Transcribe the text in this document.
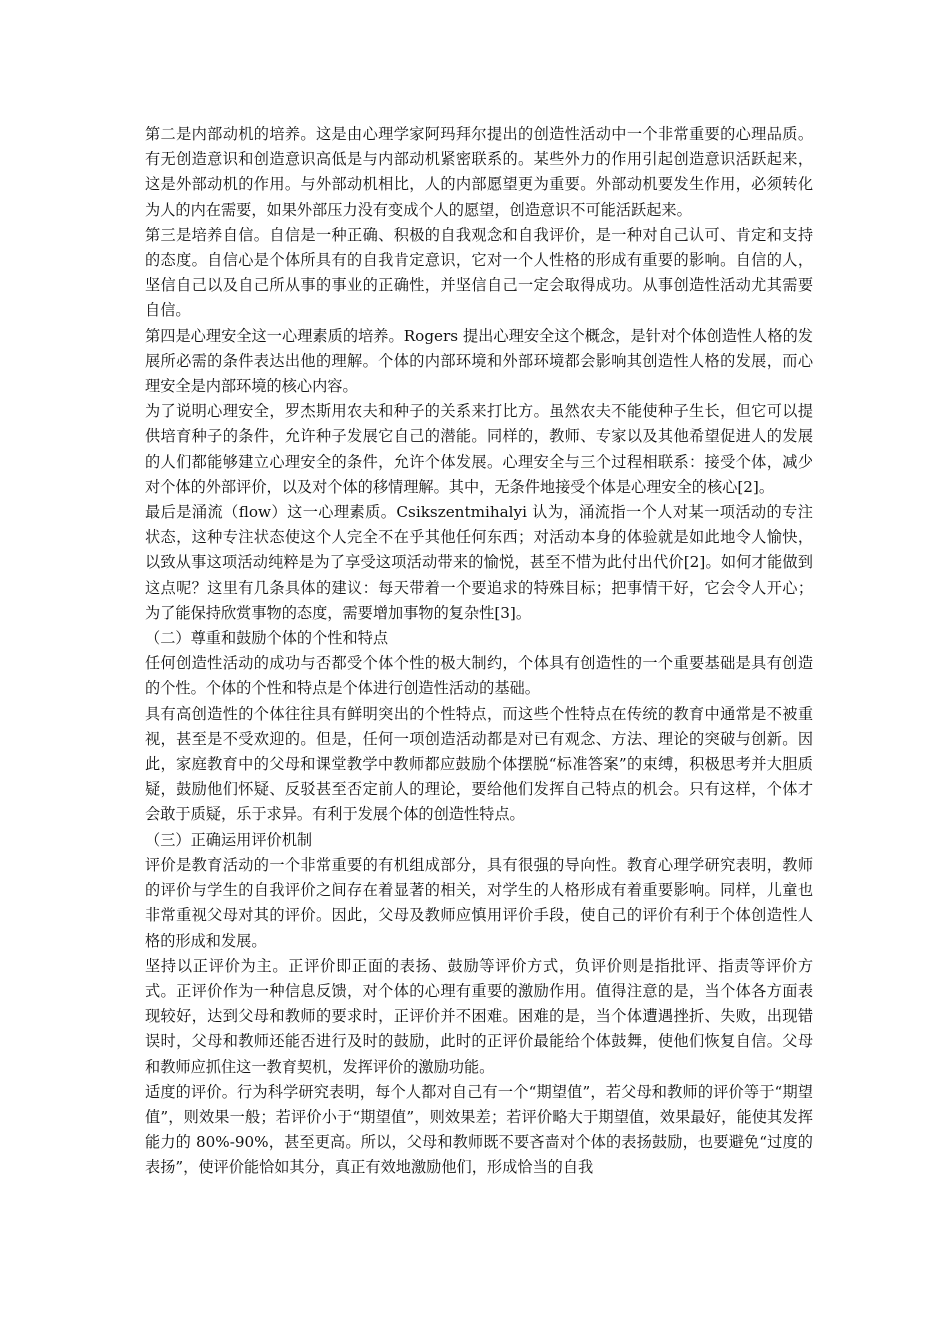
第二是内部动机的培养。这是由心理学家阿玛拜尔提出的创造性活动中一个非常重要的心理品质。有无创造意识和创造意识高低是与内部动机紧密联系的。某些外力的作用引起创造意识活跃起来，这是外部动机的作用。与外部动机相比，人的内部愿望更为重要。外部动机要发生作用，必须转化为人的内在需要，如果外部压力没有变成个人的愿望，创造意识不可能活跃起来。

第三是培养自信。自信是一种正确、积极的自我观念和自我评价，是一种对自己认可、肯定和支持的态度。自信心是个体所具有的自我肯定意识，它对一个人性格的形成有重要的影响。自信的人，坚信自己以及自己所从事的事业的正确性，并坚信自己一定会取得成功。从事创造性活动尤其需要自信。

第四是心理安全这一心理素质的培养。Rogers 提出心理安全这个概念，是针对个体创造性人格的发展所必需的条件表达出他的理解。个体的内部环境和外部环境都会影响其创造性人格的发展，而心理安全是内部环境的核心内容。

为了说明心理安全，罗杰斯用农夫和种子的关系来打比方。虽然农夫不能使种子生长，但它可以提供培育种子的条件，允许种子发展它自己的潜能。同样的，教师、专家以及其他希望促进人的发展的人们都能够建立心理安全的条件，允许个体发展。心理安全与三个过程相联系：接受个体，减少对个体的外部评价，以及对个体的移情理解。其中，无条件地接受个体是心理安全的核心[2]。

最后是涌流（flow）这一心理素质。Csikszentmihalyi 认为，涌流指一个人对某一项活动的专注状态，这种专注状态使这个人完全不在乎其他任何东西；对活动本身的体验就是如此地令人愉快，以致从事这项活动纯粹是为了享受这项活动带来的愉悦，甚至不惜为此付出代价[2]。如何才能做到这点呢？这里有几条具体的建议：每天带着一个要追求的特殊目标；把事情干好，它会令人开心；为了能保持欣赏事物的态度，需要增加事物的复杂性[3]。

（二）尊重和鼓励个体的个性和特点

任何创造性活动的成功与否都受个体个性的极大制约，个体具有创造性的一个重要基础是具有创造的个性。个体的个性和特点是个体进行创造性活动的基础。

具有高创造性的个体往往具有鲜明突出的个性特点，而这些个性特点在传统的教育中通常是不被重视，甚至是不受欢迎的。但是，任何一项创造活动都是对已有观念、方法、理论的突破与创新。因此，家庭教育中的父母和课堂教学中教师都应鼓励个体摆脱“标准答案”的束缚，积极思考并大胆质疑，鼓励他们怀疑、反驳甚至否定前人的理论，要给他们发挥自己特点的机会。只有这样，个体才会敢于质疑，乐于求异。有利于发展个体的创造性特点。

（三）正确运用评价机制

评价是教育活动的一个非常重要的有机组成部分，具有很强的导向性。教育心理学研究表明，教师的评价与学生的自我评价之间存在着显著的相关，对学生的人格形成有着重要影响。同样，儿童也非常重视父母对其的评价。因此，父母及教师应慎用评价手段，使自己的评价有利于个体创造性人格的形成和发展。

坚持以正评价为主。正评价即正面的表扬、鼓励等评价方式，负评价则是指批评、指责等评价方式。正评价作为一种信息反馈，对个体的心理有重要的激励作用。值得注意的是，当个体各方面表现较好，达到父母和教师的要求时，正评价并不困难。困难的是，当个体遭遇挫折、失败，出现错误时，父母和教师还能否进行及时的鼓励，此时的正评价最能给个体鼓舞，使他们恢复自信。父母和教师应抓住这一教育契机，发挥评价的激励功能。

适度的评价。行为科学研究表明，每个人都对自己有一个“期望值”，若父母和教师的评价等于“期望值”，则效果一般；若评价小于“期望值”，则效果差；若评价略大于期望值，效果最好，能使其发挥能力的 80%-90%，甚至更高。所以，父母和教师既不要吝啬对个体的表扬鼓励，也要避免“过度的表扬”，使评价能恰如其分，真正有效地激励他们，形成恰当的自我
